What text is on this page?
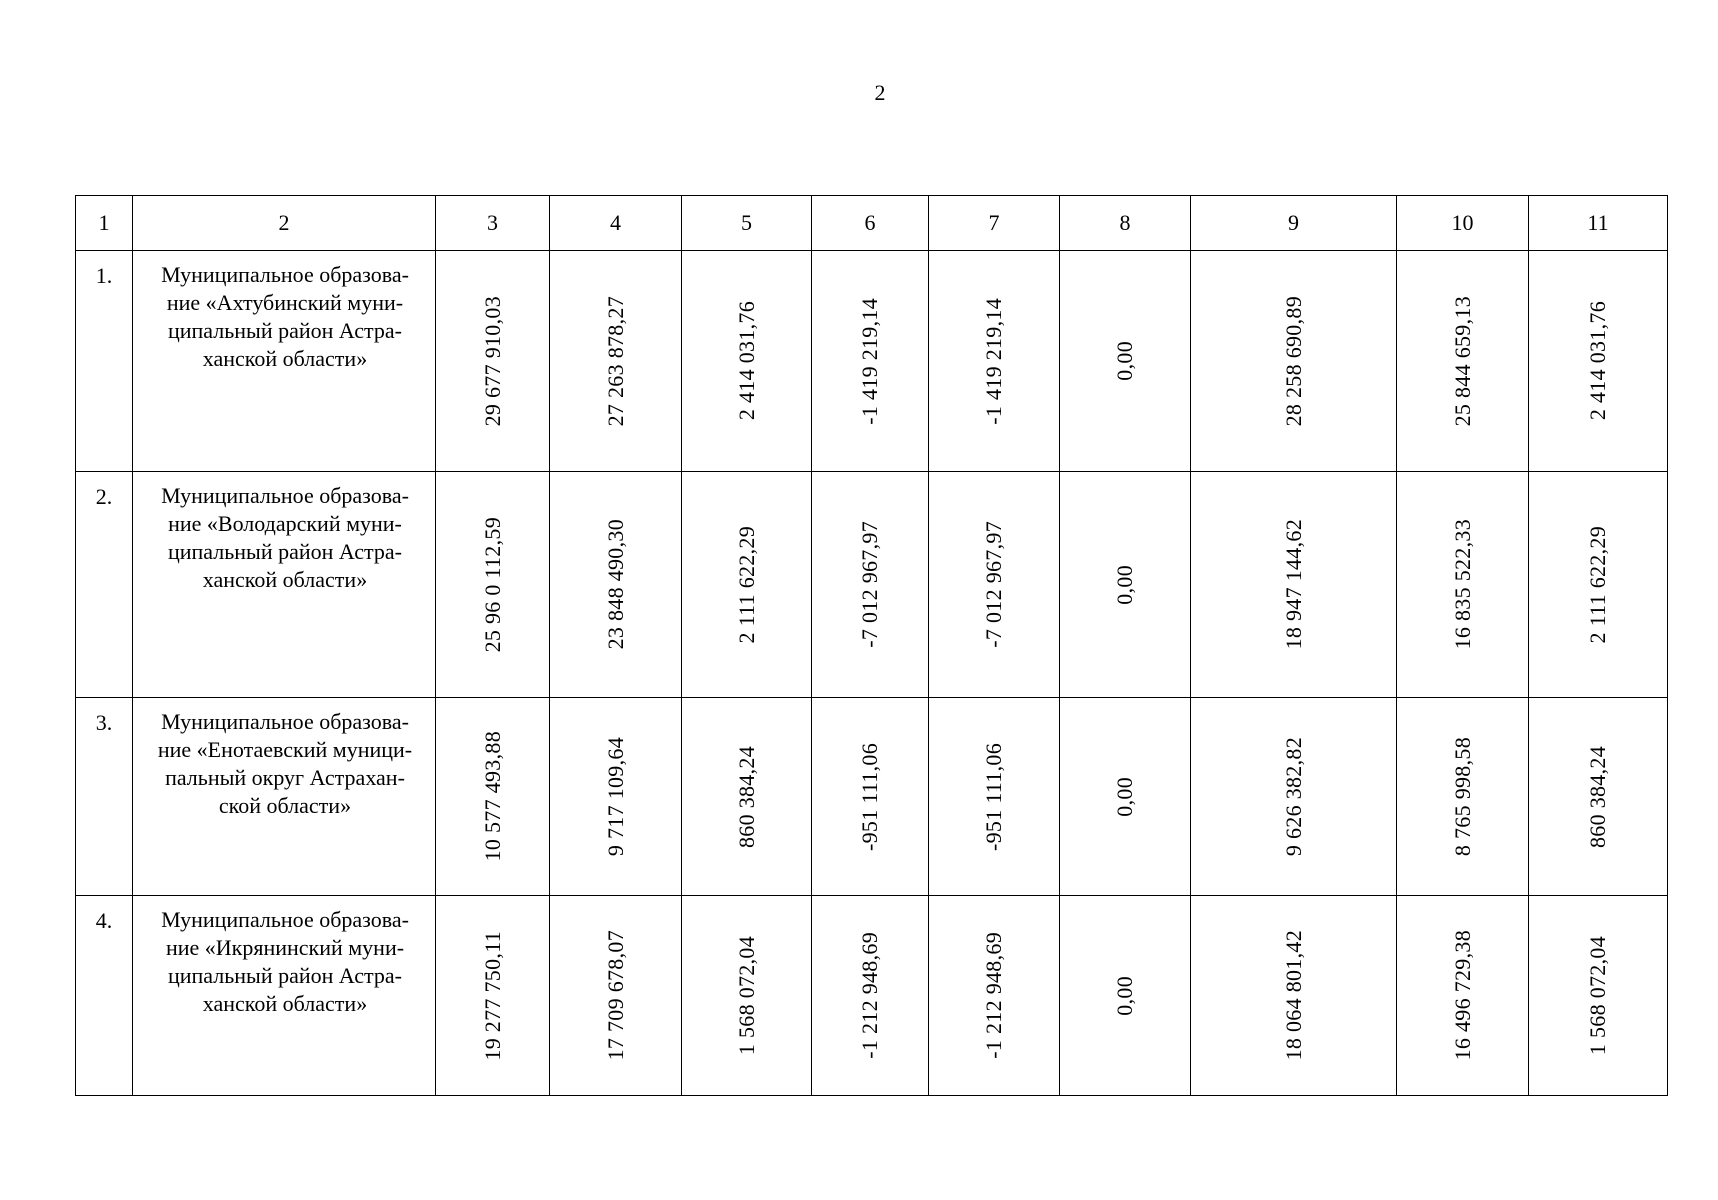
2
1	2	3	4	5	6	7	8	9	10	11
1.	Муниципальное образова-
ние «Ахтубинский муни-
ципальный район Астра-
ханской области»	29 677 910,03	27 263 878,27	2 414 031,76	-1 419 219,14	-1 419 219,14	0,00	28 258 690,89	25 844 659,13	2 414 031,76

2.	Муниципальное образова-
ние «Володарский муни-
ципальный район Астра-
ханской области»	25 96 0 112,59	23 848 490,30	2 111 622,29	-7 012 967,97	-7 012 967,97	0,00	18 947 144,62	16 835 522,33	2 111 622,29

3.	Муниципальное образова-
ние «Енотаевский муници-
пальный округ Астрахан-
ской области»	10 577 493,88	9 717 109,64	860 384,24	-951 111,06	-951 111,06	0,00	9 626 382,82	8 765 998,58	860 384,24

4.	Муниципальное образова-
ние «Икрянинский муни-
ципальный район Астра-
ханской области»	19 277 750,11	17 709 678,07	1 568 072,04	-1 212 948,69	-1 212 948,69	0,00	18 064 801,42	16 496 729,38	1 568 072,04
